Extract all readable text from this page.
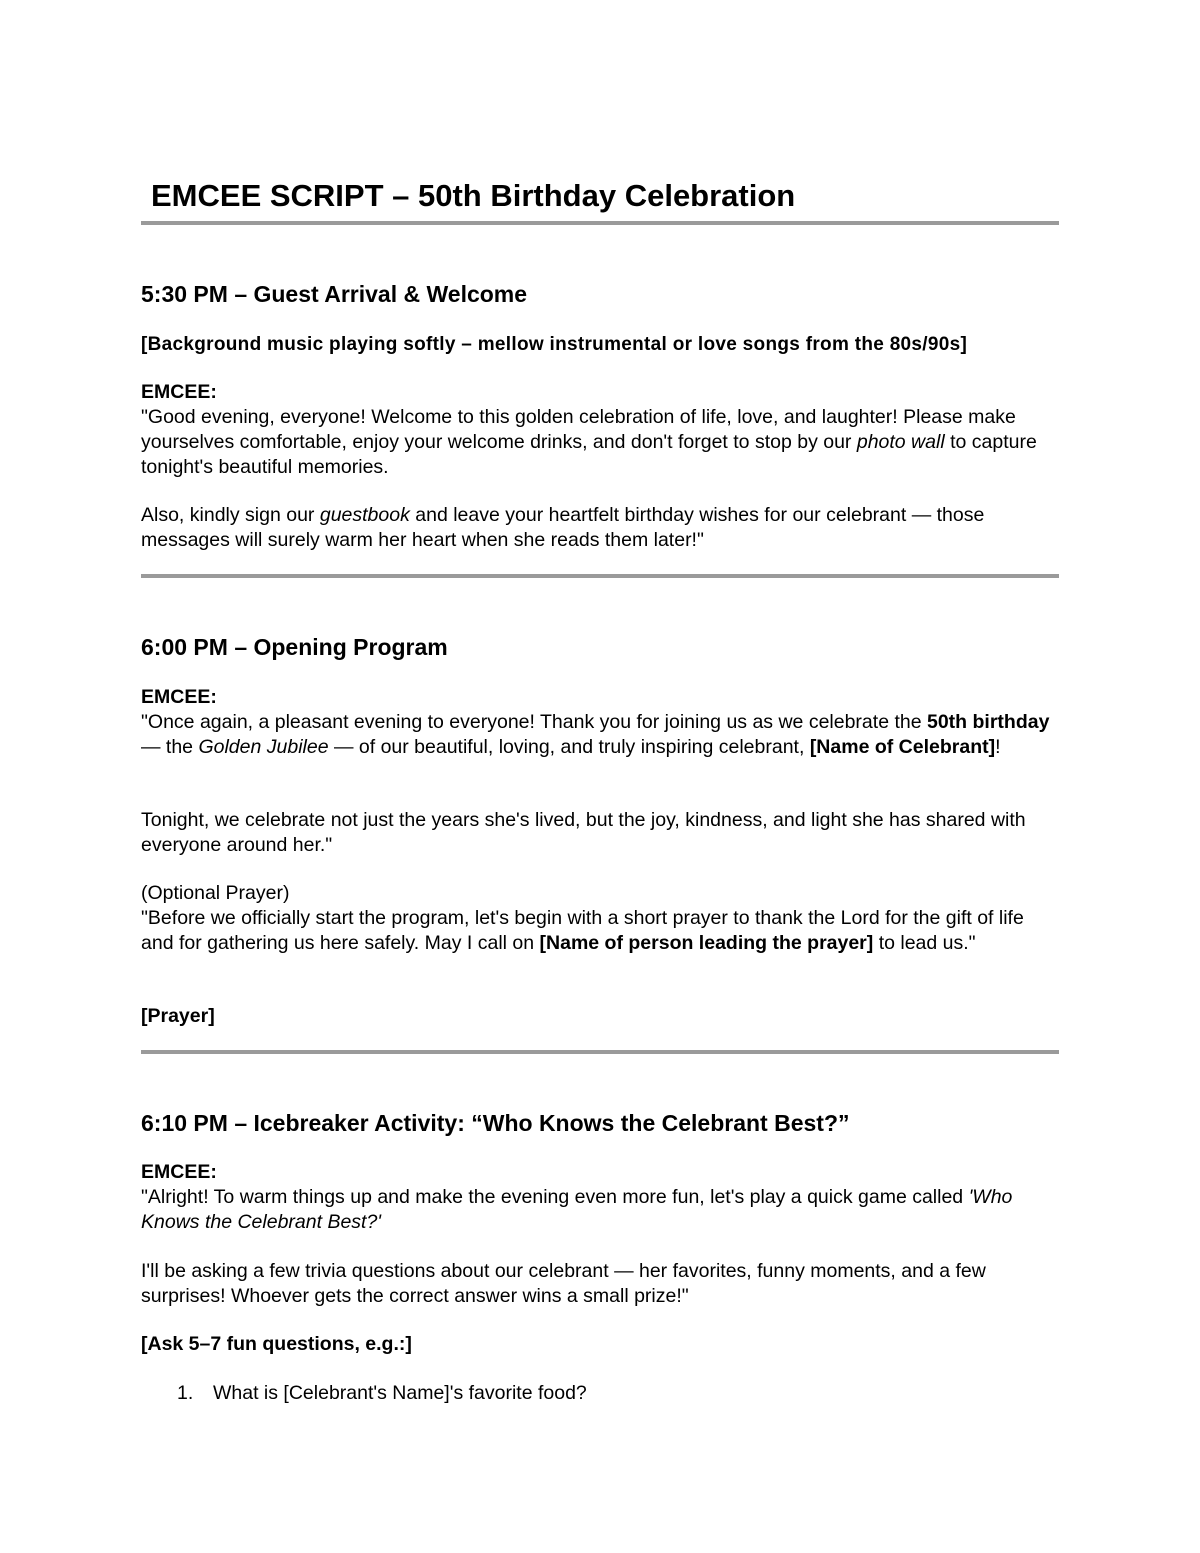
EMCEE SCRIPT – 50th Birthday Celebration
5:30 PM – Guest Arrival & Welcome
[Background music playing softly – mellow instrumental or love songs from the 80s/90s]
EMCEE:

"Good evening, everyone! Welcome to this golden celebration of life, love, and laughter! Please make yourselves comfortable, enjoy your welcome drinks, and don't forget to stop by our photo wall to capture tonight's beautiful memories.

Also, kindly sign our guestbook and leave your heartfelt birthday wishes for our celebrant — those messages will surely warm her heart when she reads them later!"

6:00 PM – Opening Program
EMCEE:

"Once again, a pleasant evening to everyone! Thank you for joining us as we celebrate the 50th birthday — the Golden Jubilee — of our beautiful, loving, and truly inspiring celebrant, [Name of Celebrant]!

Tonight, we celebrate not just the years she's lived, but the joy, kindness, and light she has shared with everyone around her."

(Optional Prayer)

"Before we officially start the program, let's begin with a short prayer to thank the Lord for the gift of life and for gathering us here safely. May I call on [Name of person leading the prayer] to lead us."

[Prayer]
6:10 PM – Icebreaker Activity: “Who Knows the Celebrant Best?”
EMCEE:

"Alright! To warm things up and make the evening even more fun, let's play a quick game called 'Who Knows the Celebrant Best?'

I'll be asking a few trivia questions about our celebrant — her favorites, funny moments, and a few surprises! Whoever gets the correct answer wins a small prize!"

[Ask 5–7 fun questions, e.g.:]
1. What is [Celebrant's Name]'s favorite food?
